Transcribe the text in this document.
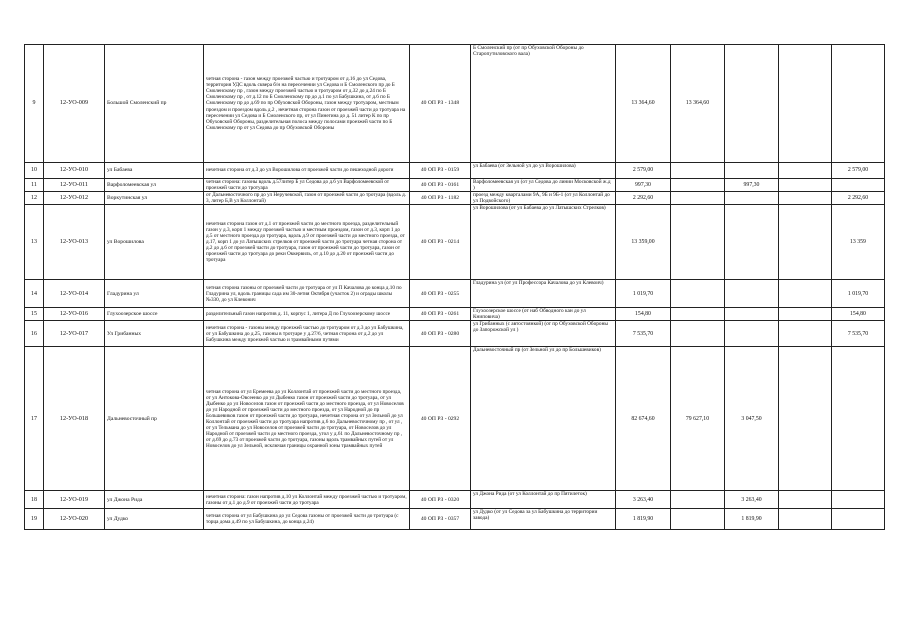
9	12-УО-009	Большой Смоленский пр	четная сторона - газон между проезжей частью и тротуаром от д.16 до ул Седова, территория УДС вдоль сквера б/н на пересечении ул Седова и Б Смоленского пр до Б Смоленскому пр , газон между проезжей частью и тротуаром от д.32 до д.24 по Б Смоленскому пр , от д.12 по Б Смоленскому пр до д.1 по ул Бабушкина, от д.6 по Б Смоленскому пр до д.69 по пр Обуховской Обороны, газон между тротуаром, местным проездом и проездом вдоль д.2 , нечетная сторона газон от проезжей части до тротуара на пересечении ул Седова и Б Смоленского пр, от ул Пинегина до д. 51 литер К по пр Обуховской Обороны, разделительная полоса между полосами проезжей части по Б Смоленскому пр от ул Седова до пр Обуховской Обороны	40 ОП РЗ - 1348	Б Смоленский пр (от пр Обуховской Обороны до Старопутиловского вала)	13 364,60	13 364,60			
10	12-УО-010	ул Бабаева	нечетная сторона от д.3 до ул Ворошилова от проезжей части до пешеходной дороги	40 ОП РЗ - 0159	ул Бабаева (от Зельной ул до ул Ворошилова)	2 579,00				2 579,00
11	12-УО-011	Варфоломеевская ул	четная сторона: газоны вдоль д.57литер Б ул Седова до д.6 ул Варфоломеевской от проезжей части до тротуара	40 ОП РЗ - 0161	Варфоломеевская ул (от ул Седова до линии Московской ж.д )	997,30		997,30		
12	12-УО-012	Воркутинская ул	от Дальневосточного пр до ул Неручевской, газон от проезжей части до тротуара (вдоль д. 3, литер Б,В ул Коллонтай)	40 ОП РЗ - 1182	проезд между кварталами 9А, 9Б и 9Б-1 (от ул Коллонтай до ул Подвойского)	2 292,60				2 292,60
13	12-УО-013	ул Ворошилова	нечетная сторона газон от д.1 от проезжей части до местного проезда, разделительный газон у д.3, корп 1 между проезжей частью и местным проездом, газон от д.3, корп 1 до д.5 от местного проезда до тротуара, вдоль д.9 от проезжей части до местного проезда, от д.17, корп 1 до ул Латышских стрелков от проезжей части до тротуара четная сторона от д.2 до д.6 от проезжей части до тротуара, газон от проезжей части до тротуара, газон от проезжей части до тротуара до реки Оккервиль, от д.10 до д.20 от проезжей части до тротуара	40 ОП РЗ - 0214	ул Ворошилова (от ул Бабаева до ул Латышских Стрелков)	13 359,00				13 359
14	12-УО-014	Гладурина ул	четная сторона газоны от проезжей части до тротуара от ул П Качалова до конца д.10 по Гладурина ул, вдоль границы сада им 30-летия Октября (участок 2) и ограды школы №330, до ул Клевонич	40 ОП РЗ - 0255	Гладурина ул (от ул Профессора Качалова до ул Клевоич)	1 019,70				1 019,70
15	12-УО-016	Глухоозерское шоссе	разделительный газон напротив д. 11, корпус 1, литера Д по Глухоозерскому шоссе	40 ОП РЗ - 0261	Глухоозерское шоссе (от наб Обводного кан до ул Книповича)	154,80				154,80
16	12-УО-017	Ул Грибанных	нечетная сторона - газоны между проезжей частью до тротуаром от д.3 до ул Бабушкина, от ул Бабушкина до д.25, газоны в тротуаре у д.27/6, четная сторона от д.2 до ул Бабушкина между проезжей частью и трамвайными путями	40 ОП РЗ - 0280	ул Грибанных (с автостоянкой) (от пр Обуховской Обороны до Запорожской ул )	7 535,70				7 535,70
17	12-УО-018	Дальневосточный пр	четная сторона от ул Еремеева до ул Коллонтай от проезжей части до местного проезда, от ул Антокова-Овсеенко до ул Дыбенко газон от проезжей части до тротуара, от ул Дыбенко до ул Новоселов газон от проезжей части до местного проезда, от ул Новоселов до ул Народной от проезжей части до местного проезда, от ул Народной до пр Большевиков газон от проезжей части до тротуара, нечетная сторона от ул Зельной до ул Коллонтай от проезжей части до тротуара напротив д.6 по Дальневосточному пр , от ул , от ул Тельмана до ул Новоселов от проезжей части до тротуара, от Новоселов до ул Народной от проезжей части до местного проезда, угол у д.61 по Дальневосточному пр , от д.69 до д.73 от проезжей части до тротуара, газоны вдоль трамвайных путей от ул Новоселов до ул Зельной, исключая границы охранной зоны трамвайных путей	40 ОП РЗ - 0292	Дальневосточный пр (от Зельной ул до пр Большевиков)	82 674,60	79 627,10	3 047,50		
18	12-УО-019	ул Джона Рида	нечетная сторона: газон напротив д.10 ул Коллонтай между проезжей частью и тротуаром, газоны от д.1 до д.9 от проезжей части до тротуара	40 ОП РЗ - 0320	ул Джона Рида (от ул Коллонтай до пр Пятилеток)	3 263,40		3 263,40		
19	12-УО-020	ул Дудко	четная сторона от ул Бабушкина до ул Седова газоны от проезжей части до тротуара (с торца дома д.49 по ул Бабушкина, до конца д.24)	40 ОП РЗ - 0357	ул Дудко (от ул Седова за ул Бабушкина до территории завода)	1 819,90		1 819,90		
